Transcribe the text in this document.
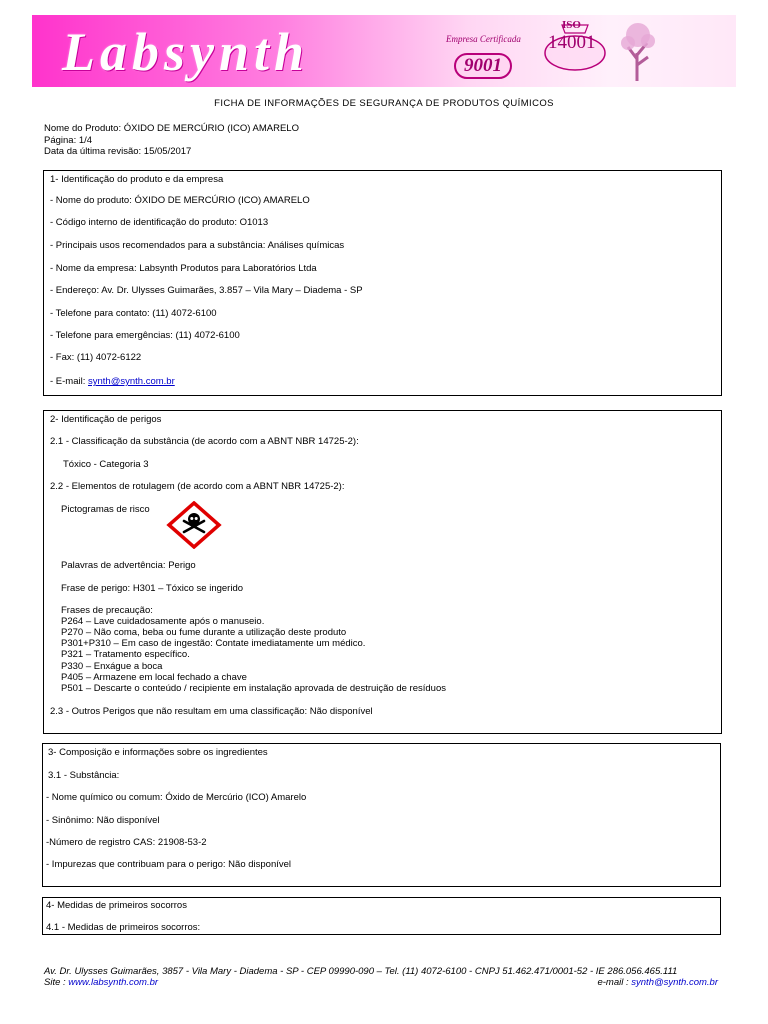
Labsynth	Empresa Certificada
9001
ISO
14001
FICHA DE INFORMAÇÕES DE SEGURANÇA DE PRODUTOS QUÍMICOS
Nome do Produto: ÓXIDO DE MERCÚRIO (ICO) AMARELO
Página: 1/4
Data da última revisão: 15/05/2017
1- Identificação do produto e da empresa
- Nome do produto: ÓXIDO DE MERCÚRIO (ICO) AMARELO
- Código interno de identificação do produto: O1013
- Principais usos recomendados para a substância: Análises químicas
- Nome da empresa: Labsynth Produtos para Laboratórios Ltda
- Endereço: Av. Dr. Ulysses Guimarães, 3.857 – Vila Mary – Diadema - SP
- Telefone para contato: (11) 4072-6100
- Telefone para emergências: (11) 4072-6100
- Fax: (11) 4072-6122
- E-mail: synth@synth.com.br
2- Identificação de perigos
2.1 - Classificação da substância (de acordo com a ABNT NBR 14725-2):
Tóxico - Categoria 3
2.2 - Elementos de rotulagem (de acordo com a ABNT NBR 14725-2):
Pictogramas de risco
Palavras de advertência: Perigo
Frase de perigo: H301 – Tóxico se ingerido
Frases de precaução:
P264 – Lave cuidadosamente após o manuseio.
P270 – Não coma, beba ou fume durante a utilização deste produto
P301+P310 – Em caso de ingestão: Contate imediatamente um médico.
P321 – Tratamento específico.
P330 – Enxágue a boca
P405 – Armazene em local fechado a chave
P501 – Descarte o conteúdo / recipiente em instalação aprovada de destruição de resíduos
2.3 - Outros Perigos que não resultam em uma classificação: Não disponível
3- Composição e informações sobre os ingredientes
3.1 - Substância:
- Nome químico ou comum: Óxido de Mercúrio (ICO) Amarelo
- Sinônimo: Não disponível
-Número de registro CAS: 21908-53-2
- Impurezas que contribuam para o perigo: Não disponível
4- Medidas de primeiros socorros
4.1 - Medidas de primeiros socorros:
Av. Dr. Ulysses Guimarães, 3857 - Vila Mary - Diadema - SP - CEP 09990-090 – Tel. (11) 4072-6100 - CNPJ 51.462.471/0001-52 - IE 286.056.465.111
Site : www.labsynth.com.br	e-mail : synth@synth.com.br
